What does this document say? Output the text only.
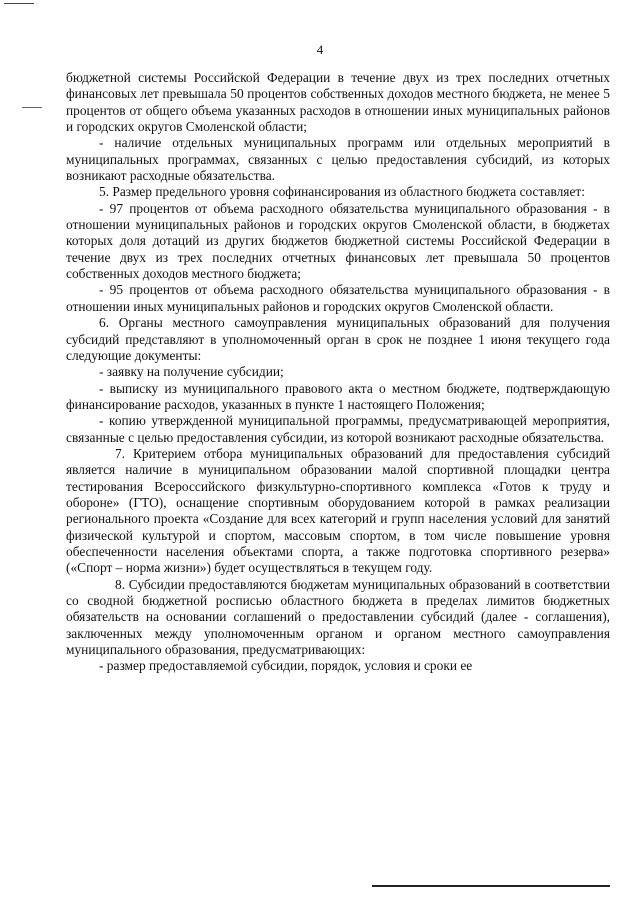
4

бюджетной системы Российской Федерации в течение двух из трех последних отчетных финансовых лет превышала 50 процентов собственных доходов местного бюджета, не менее 5 процентов от общего объема указанных расходов в отношении иных муниципальных районов и городских округов Смоленской области;

- наличие отдельных муниципальных программ или отдельных мероприятий в муниципальных программах, связанных с целью предоставления субсидий, из которых возникают расходные обязательства.

5. Размер предельного уровня софинансирования из областного бюджета составляет:

- 97 процентов от объема расходного обязательства муниципального образования - в отношении муниципальных районов и городских округов Смоленской области, в бюджетах которых доля дотаций из других бюджетов бюджетной системы Российской Федерации в течение двух из трех последних отчетных финансовых лет превышала 50 процентов собственных доходов местного бюджета;

- 95 процентов от объема расходного обязательства муниципального образования - в отношении иных муниципальных районов и городских округов Смоленской области.

6. Органы местного самоуправления муниципальных образований для получения субсидий представляют в уполномоченный орган в срок не позднее 1 июня текущего года следующие документы:

- заявку на получение субсидии;

- выписку из муниципального правового акта о местном бюджете, подтверждающую финансирование расходов, указанных в пункте 1 настоящего Положения;

- копию утвержденной муниципальной программы, предусматривающей мероприятия, связанные с целью предоставления субсидии, из которой возникают расходные обязательства.

7. Критерием отбора муниципальных образований для предоставления субсидий является наличие в муниципальном образовании малой спортивной площадки центра тестирования Всероссийского физкультурно-спортивного комплекса «Готов к труду и обороне» (ГТО), оснащение спортивным оборудованием которой в рамках реализации регионального проекта «Создание для всех категорий и групп населения условий для занятий физической культурой и спортом, массовым спортом, в том числе повышение уровня обеспеченности населения объектами спорта, а также подготовка спортивного резерва» («Спорт – норма жизни») будет осуществляться в текущем году.

8. Субсидии предоставляются бюджетам муниципальных образований в соответствии со сводной бюджетной росписью областного бюджета в пределах лимитов бюджетных обязательств на основании соглашений о предоставлении субсидий (далее - соглашения), заключенных между уполномоченным органом и органом местного самоуправления муниципального образования, предусматривающих:

- размер предоставляемой субсидии, порядок, условия и сроки ее
